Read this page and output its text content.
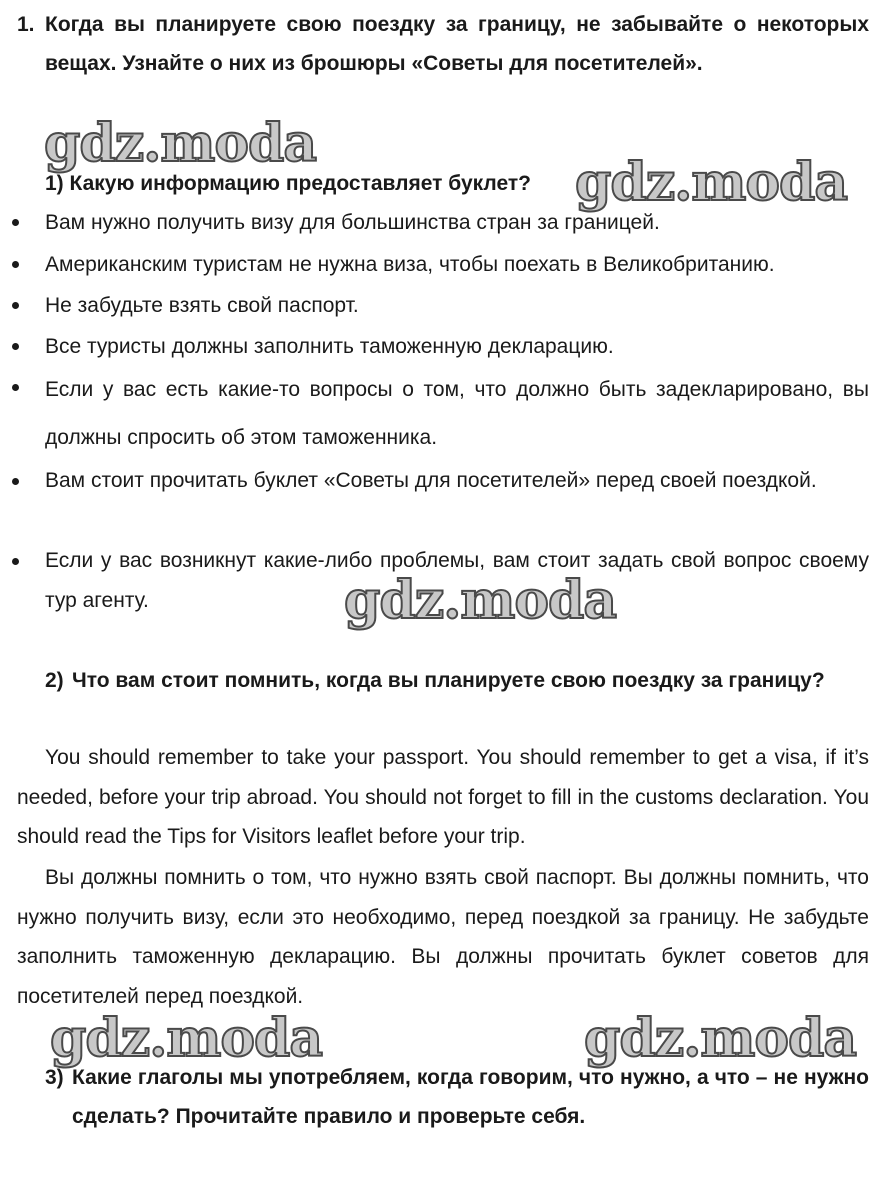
1. Когда вы планируете свою поездку за границу, не забывайте о некоторых вещах. Узнайте о них из брошюры «Советы для посетителей».
gdz.moda
1) Какую информацию предоставляет буклет? gdz.moda
Вам нужно получить визу для большинства стран за границей.
Американским туристам не нужна виза, чтобы поехать в Великобританию.
Не забудьте взять свой паспорт.
Все туристы должны заполнить таможенную декларацию.
Если у вас есть какие-то вопросы о том, что должно быть задекларировано, вы должны спросить об этом таможенника.
Вам стоит прочитать буклет «Советы для посетителей» перед своей поездкой.
Если у вас возникнут какие-либо проблемы, вам стоит задать свой вопрос своему тур агенту.	gdz.moda
2) Что вам стоит помнить, когда вы планируете свою поездку за границу?
You should remember to take your passport. You should remember to get a visa, if it’s needed, before your trip abroad. You should not forget to fill in the customs declaration. You should read the Tips for Visitors leaflet before your trip.
Вы должны помнить о том, что нужно взять свой паспорт. Вы должны помнить, что нужно получить визу, если это необходимо, перед поездкой за границу. Не забудьте заполнить таможенную декларацию. Вы должны прочитать буклет советов для посетителей перед поездкой.
gdz.moda	gdz.moda
3) Какие глаголы мы употребляем, когда говорим, что нужно, а что – не нужно сделать? Прочитайте правило и проверьте себя.
